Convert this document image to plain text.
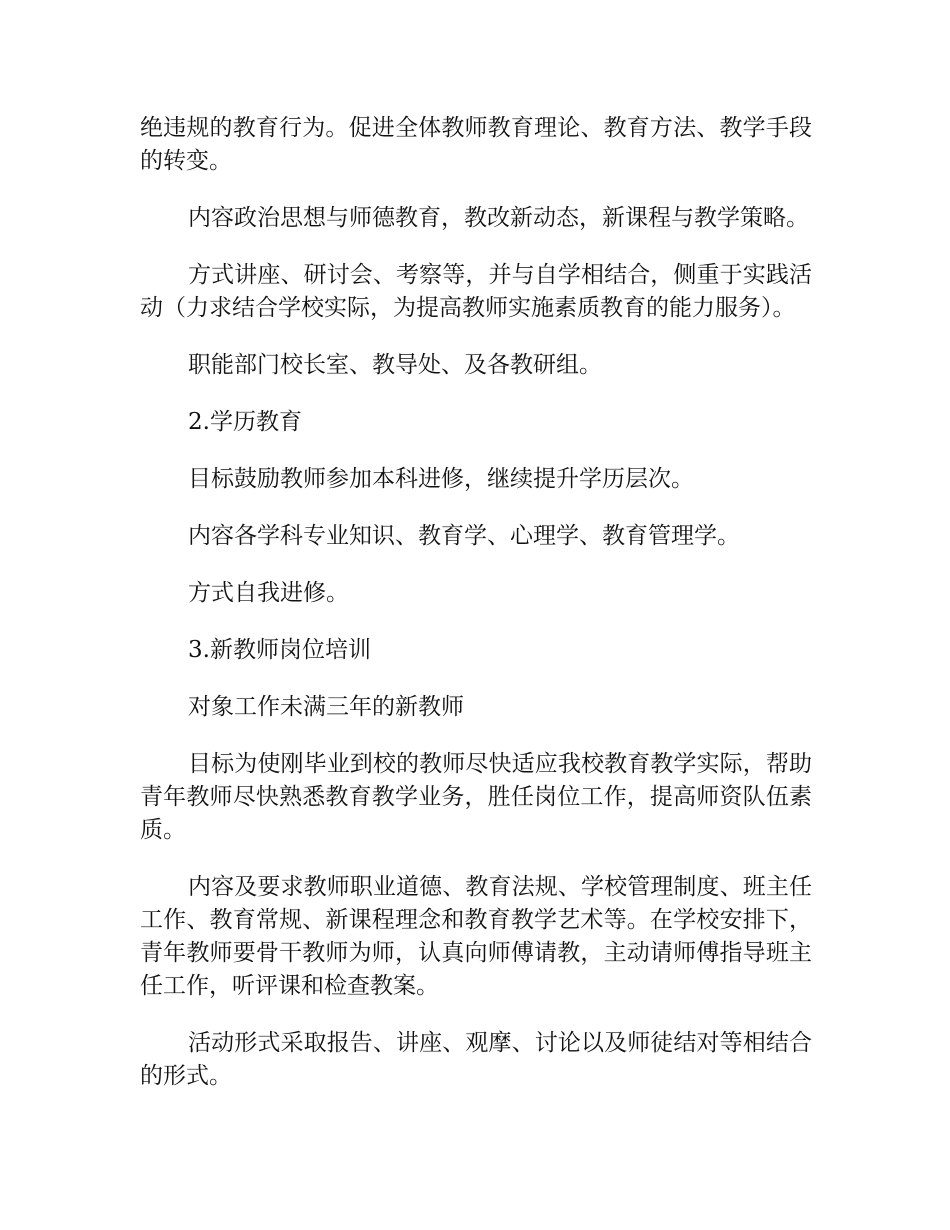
绝违规的教育行为。促进全体教师教育理论、教育方法、教学手段的转变。

内容政治思想与师德教育，教改新动态，新课程与教学策略。

方式讲座、研讨会、考察等，并与自学相结合，侧重于实践活动（力求结合学校实际，为提高教师实施素质教育的能力服务）。

职能部门校长室、教导处、及各教研组。

2.学历教育

目标鼓励教师参加本科进修，继续提升学历层次。

内容各学科专业知识、教育学、心理学、教育管理学。

方式自我进修。

3.新教师岗位培训

对象工作未满三年的新教师

目标为使刚毕业到校的教师尽快适应我校教育教学实际，帮助青年教师尽快熟悉教育教学业务，胜任岗位工作，提高师资队伍素质。

内容及要求教师职业道德、教育法规、学校管理制度、班主任工作、教育常规、新课程理念和教育教学艺术等。在学校安排下，青年教师要骨干教师为师，认真向师傅请教，主动请师傅指导班主任工作，听评课和检查教案。

活动形式采取报告、讲座、观摩、讨论以及师徒结对等相结合的形式。
